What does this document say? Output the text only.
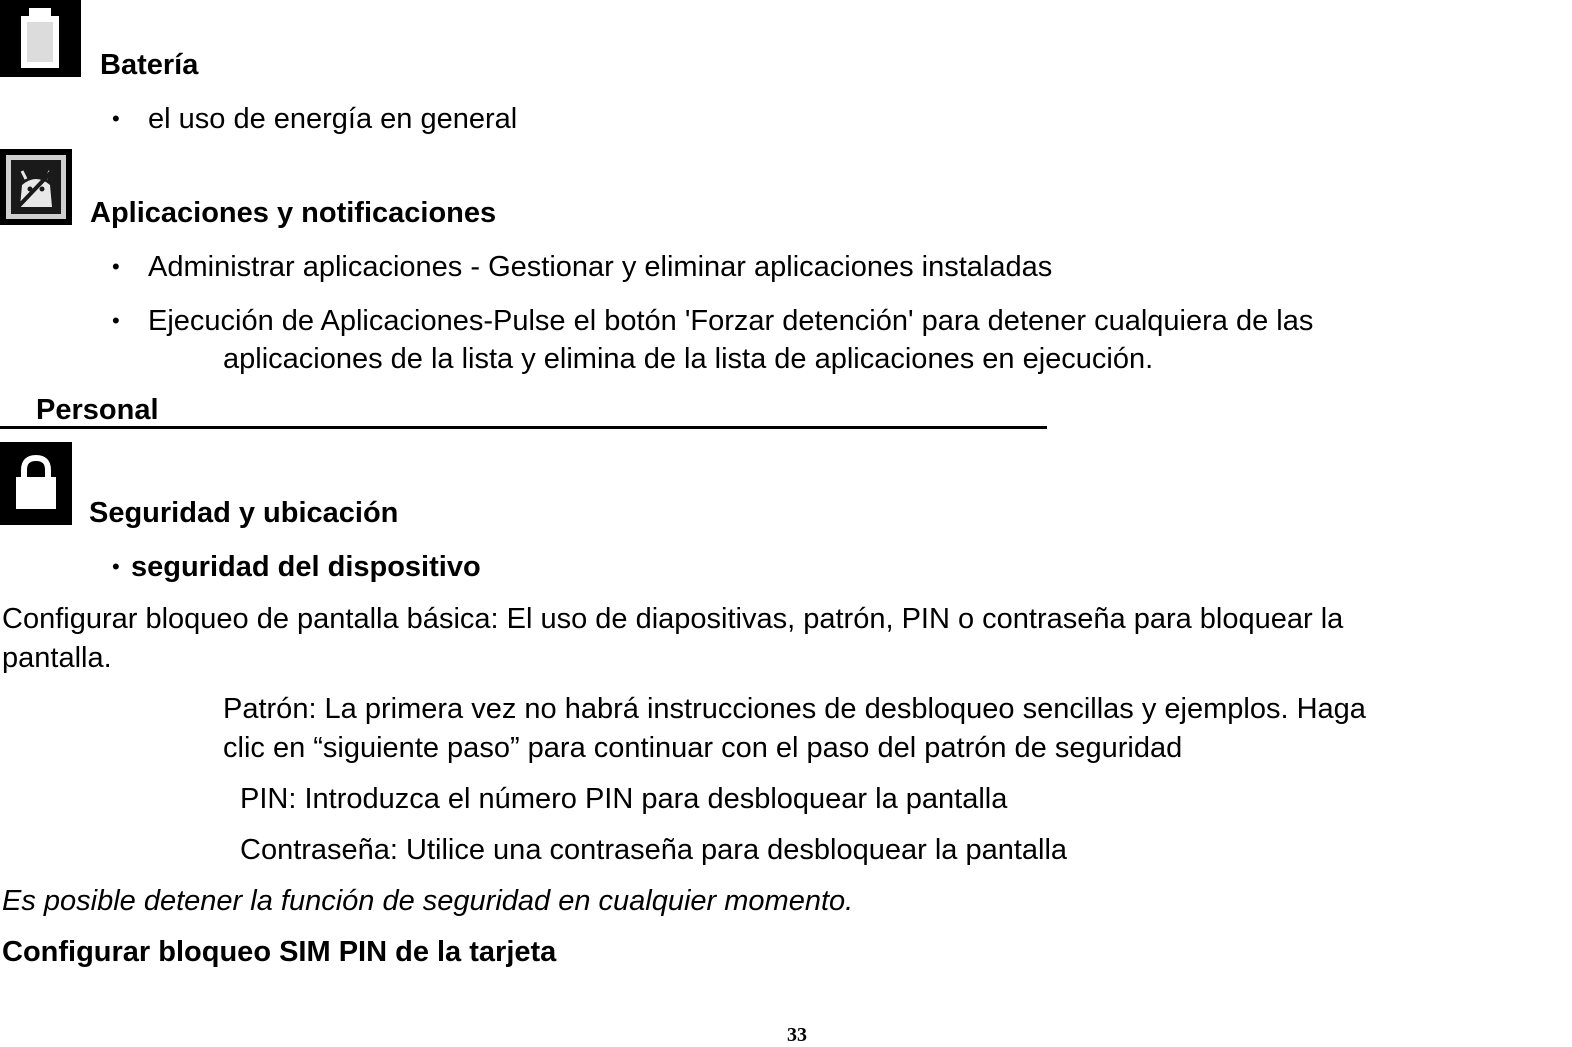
Batería
• el uso de energía en general
Aplicaciones y notificaciones
• Administrar aplicaciones - Gestionar y eliminar aplicaciones instaladas
• Ejecución de Aplicaciones-Pulse el botón 'Forzar detención' para detener cualquiera de las
aplicaciones de la lista y elimina de la lista de aplicaciones en ejecución.
Personal
Seguridad y ubicación
• seguridad del dispositivo
Configurar bloqueo de pantalla básica: El uso de diapositivas, patrón, PIN o contraseña para bloquear la
pantalla.
Patrón: La primera vez no habrá instrucciones de desbloqueo sencillas y ejemplos. Haga
clic en “siguiente paso” para continuar con el paso del patrón de seguridad
PIN: Introduzca el número PIN para desbloquear la pantalla
Contraseña: Utilice una contraseña para desbloquear la pantalla
Es posible detener la función de seguridad en cualquier momento.
Configurar bloqueo SIM PIN de la tarjeta
33
